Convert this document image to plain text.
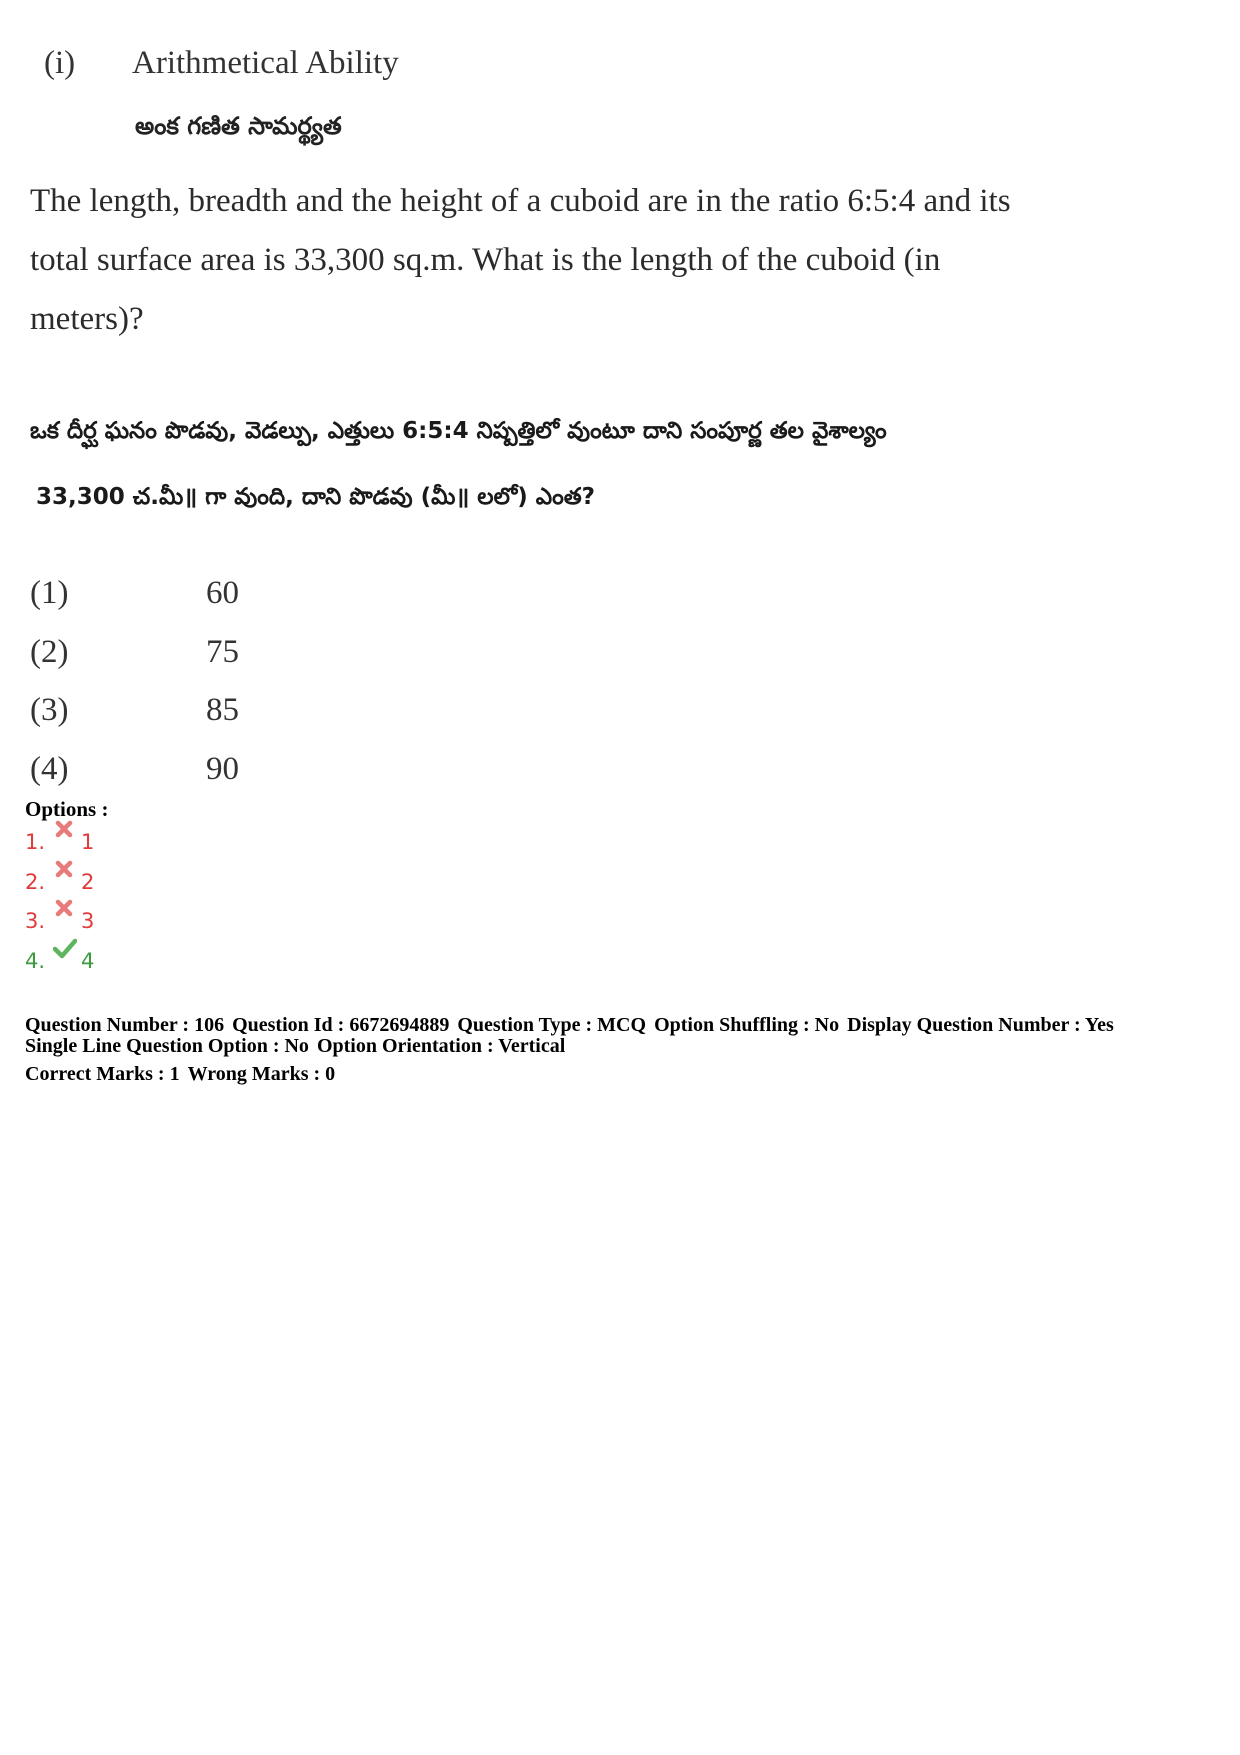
(i) Arithmetical Ability
అంక గణిత సామర్థ్యత
The length, breadth and the height of a cuboid are in the ratio 6:5:4 and its total surface area is 33,300 sq.m. What is the length of the cuboid (in meters)?
ఒక దీర్ఘ ఘనం పొడవు, వెడల్పు, ఎత్తులు 6:5:4 నిష్పత్తిలో వుంటూ దాని సంపూర్ణ తల వైశాల్యం
33,300 చ.మీ॥ గా వుంది, దాని పొడవు (మీ॥ లలో) ఎంత?
(1)	60
(2)	75
(3)	85
(4)	90
Options :
1. 1
2. 2
3. 3
4. 4
Question Number : 106 Question Id : 6672694889 Question Type : MCQ Option Shuffling : No Display Question Number : Yes
Single Line Question Option : No Option Orientation : Vertical
Correct Marks : 1 Wrong Marks : 0
